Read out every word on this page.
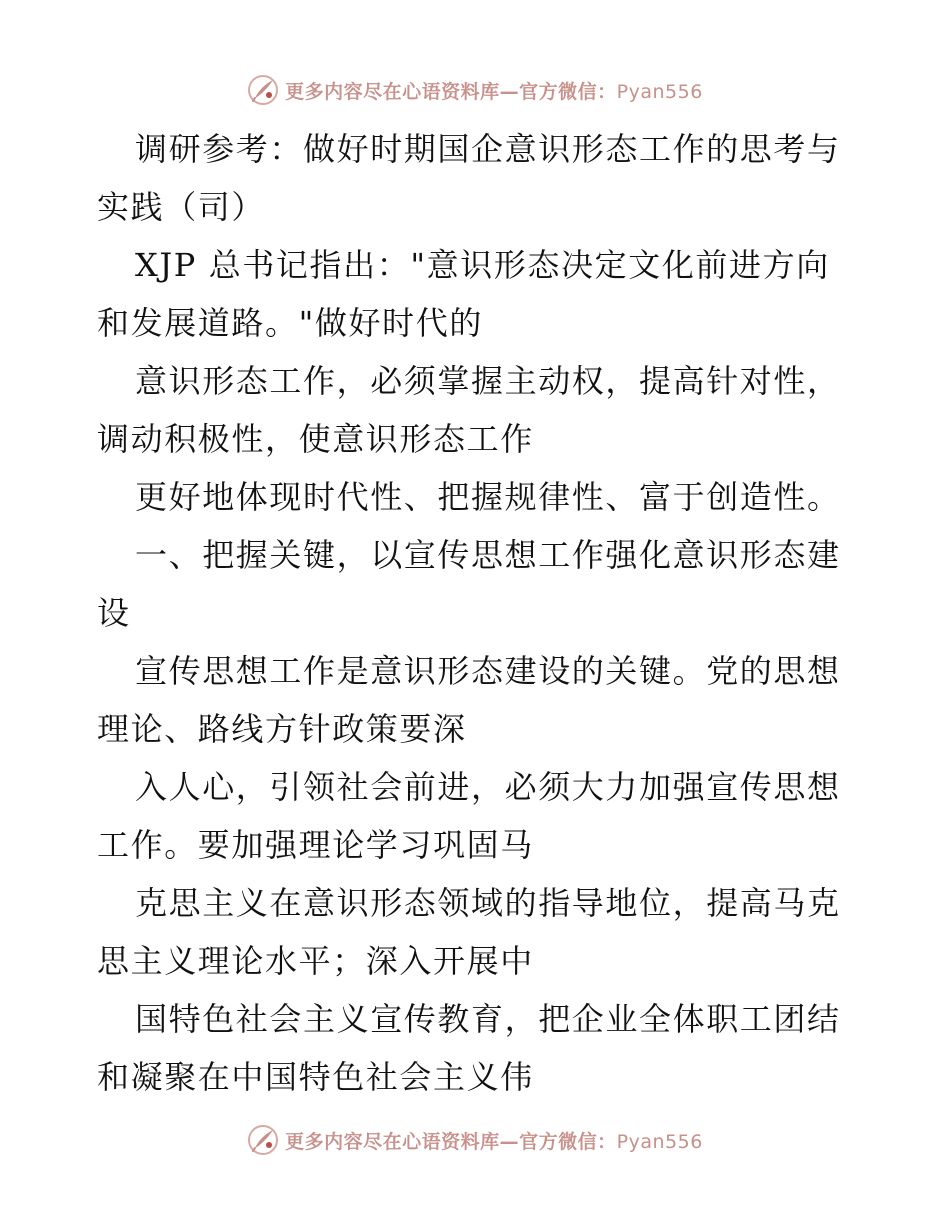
更多内容尽在心语资料库—官方微信：Pyan556

调研参考：做好时期国企意识形态工作的思考与实践（司）

XJP 总书记指出："意识形态决定文化前进方向和发展道路。"做好时代的

意识形态工作，必须掌握主动权，提高针对性，调动积极性，使意识形态工作

更好地体现时代性、把握规律性、富于创造性。

一、把握关键，以宣传思想工作强化意识形态建设

宣传思想工作是意识形态建设的关键。党的思想理论、路线方针政策要深

入人心，引领社会前进，必须大力加强宣传思想工作。要加强理论学习巩固马

克思主义在意识形态领域的指导地位，提高马克思主义理论水平；深入开展中

国特色社会主义宣传教育，把企业全体职工团结和凝聚在中国特色社会主义伟

更多内容尽在心语资料库—官方微信：Pyan556
